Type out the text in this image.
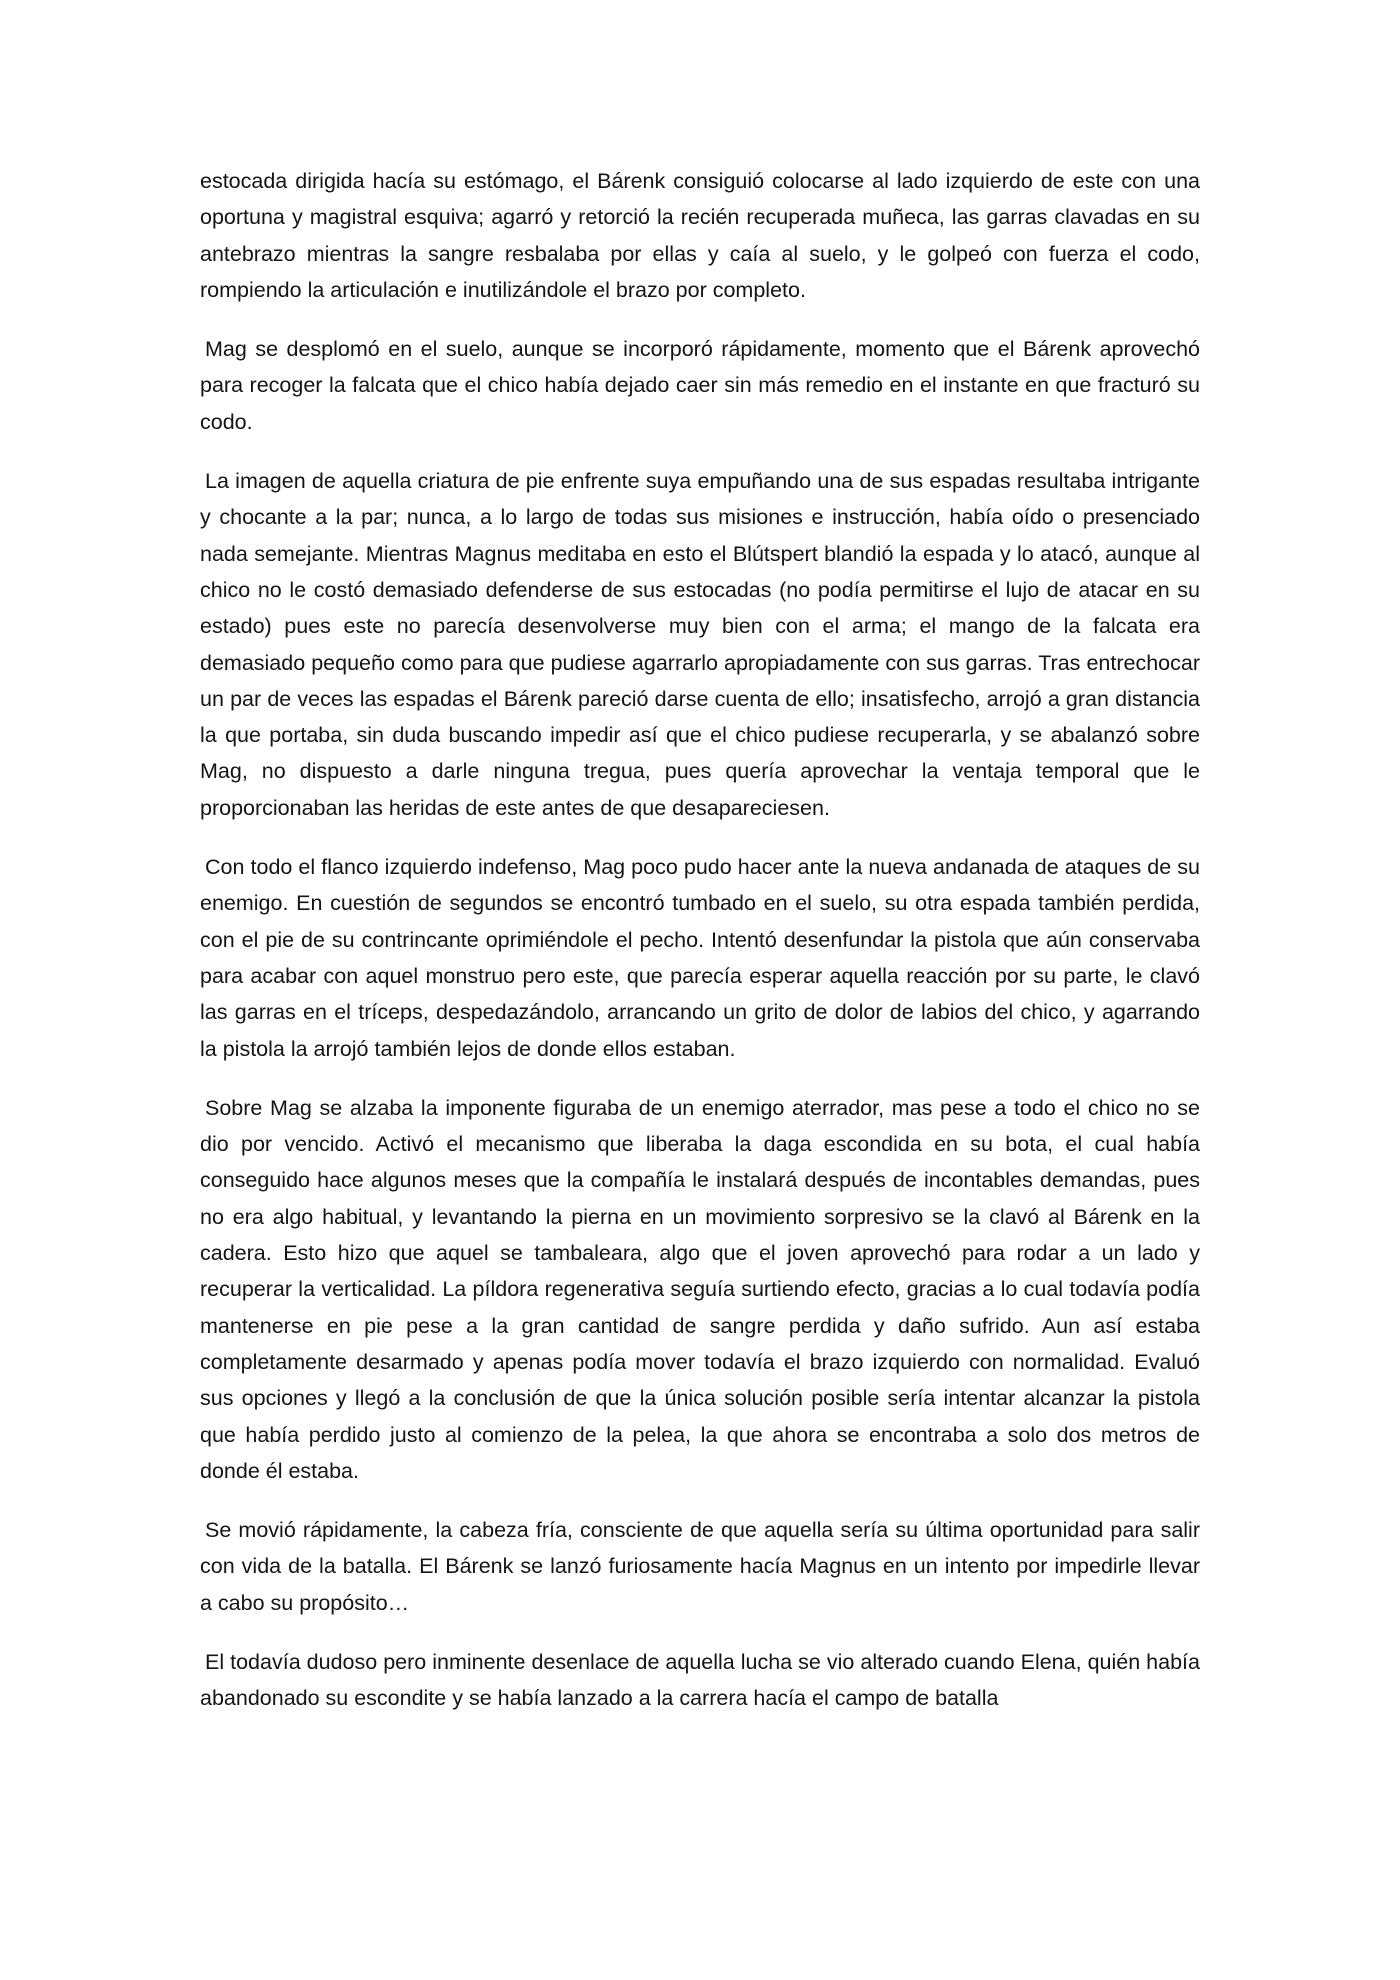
estocada dirigida hacía su estómago, el Bárenk consiguió colocarse al lado izquierdo de este con una oportuna y magistral esquiva; agarró y retorció la recién recuperada muñeca, las garras clavadas en su antebrazo mientras la sangre resbalaba por ellas y caía al suelo, y le golpeó con fuerza el codo, rompiendo la articulación e inutilizándole el brazo por completo.

Mag se desplomó en el suelo, aunque se incorporó rápidamente, momento que el Bárenk aprovechó para recoger la falcata que el chico había dejado caer sin más remedio en el instante en que fracturó su codo.

La imagen de aquella criatura de pie enfrente suya empuñando una de sus espadas resultaba intrigante y chocante a la par; nunca, a lo largo de todas sus misiones e instrucción, había oído o presenciado nada semejante. Mientras Magnus meditaba en esto el Blútspert blandió la espada y lo atacó, aunque al chico no le costó demasiado defenderse de sus estocadas (no podía permitirse el lujo de atacar en su estado) pues este no parecía desenvolverse muy bien con el arma; el mango de la falcata era demasiado pequeño como para que pudiese agarrarlo apropiadamente con sus garras. Tras entrechocar un par de veces las espadas el Bárenk pareció darse cuenta de ello; insatisfecho, arrojó a gran distancia la que portaba, sin duda buscando impedir así que el chico pudiese recuperarla, y se abalanzó sobre Mag, no dispuesto a darle ninguna tregua, pues quería aprovechar la ventaja temporal que le proporcionaban las heridas de este antes de que desapareciesen.

Con todo el flanco izquierdo indefenso, Mag poco pudo hacer ante la nueva andanada de ataques de su enemigo. En cuestión de segundos se encontró tumbado en el suelo, su otra espada también perdida, con el pie de su contrincante oprimiéndole el pecho. Intentó desenfundar la pistola que aún conservaba para acabar con aquel monstruo pero este, que parecía esperar aquella reacción por su parte, le clavó las garras en el tríceps, despedazándolo, arrancando un grito de dolor de labios del chico, y agarrando la pistola la arrojó también lejos de donde ellos estaban.

Sobre Mag se alzaba la imponente figuraba de un enemigo aterrador, mas pese a todo el chico no se dio por vencido. Activó el mecanismo que liberaba la daga escondida en su bota, el cual había conseguido hace algunos meses que la compañía le instalará después de incontables demandas, pues no era algo habitual, y levantando la pierna en un movimiento sorpresivo se la clavó al Bárenk en la cadera. Esto hizo que aquel se tambaleara, algo que el joven aprovechó para rodar a un lado y recuperar la verticalidad. La píldora regenerativa seguía surtiendo efecto, gracias a lo cual todavía podía mantenerse en pie pese a la gran cantidad de sangre perdida y daño sufrido. Aun así estaba completamente desarmado y apenas podía mover todavía el brazo izquierdo con normalidad. Evaluó sus opciones y llegó a la conclusión de que la única solución posible sería intentar alcanzar la pistola que había perdido justo al comienzo de la pelea, la que ahora se encontraba a solo dos metros de donde él estaba.

Se movió rápidamente, la cabeza fría, consciente de que aquella sería su última oportunidad para salir con vida de la batalla. El Bárenk se lanzó furiosamente hacía Magnus en un intento por impedirle llevar a cabo su propósito…

El todavía dudoso pero inminente desenlace de aquella lucha se vio alterado cuando Elena, quién había abandonado su escondite y se había lanzado a la carrera hacía el campo de batalla
